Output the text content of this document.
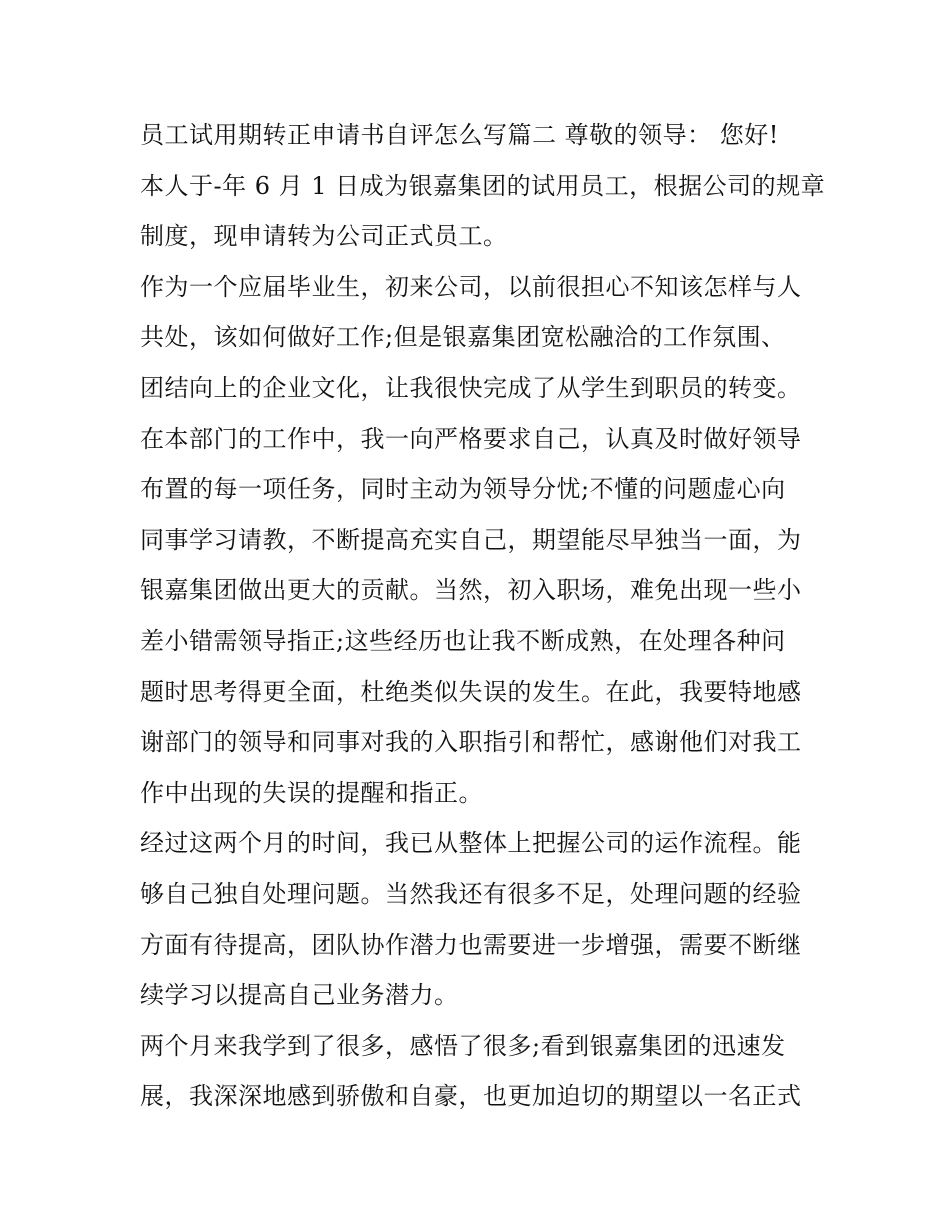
员工试用期转正申请书自评怎么写篇二 尊敬的领导： 您好!
本人于-年 6 月 1 日成为银嘉集团的试用员工，根据公司的规章
制度，现申请转为公司正式员工。
作为一个应届毕业生，初来公司，以前很担心不知该怎样与人
共处，该如何做好工作;但是银嘉集团宽松融洽的工作氛围、
团结向上的企业文化，让我很快完成了从学生到职员的转变。
在本部门的工作中，我一向严格要求自己，认真及时做好领导
布置的每一项任务，同时主动为领导分忧;不懂的问题虚心向
同事学习请教，不断提高充实自己，期望能尽早独当一面，为
银嘉集团做出更大的贡献。当然，初入职场，难免出现一些小
差小错需领导指正;这些经历也让我不断成熟，在处理各种问
题时思考得更全面，杜绝类似失误的发生。在此，我要特地感
谢部门的领导和同事对我的入职指引和帮忙，感谢他们对我工
作中出现的失误的提醒和指正。
经过这两个月的时间，我已从整体上把握公司的运作流程。能
够自己独自处理问题。当然我还有很多不足，处理问题的经验
方面有待提高，团队协作潜力也需要进一步增强，需要不断继
续学习以提高自己业务潜力。
两个月来我学到了很多，感悟了很多;看到银嘉集团的迅速发
展，我深深地感到骄傲和自豪，也更加迫切的期望以一名正式
